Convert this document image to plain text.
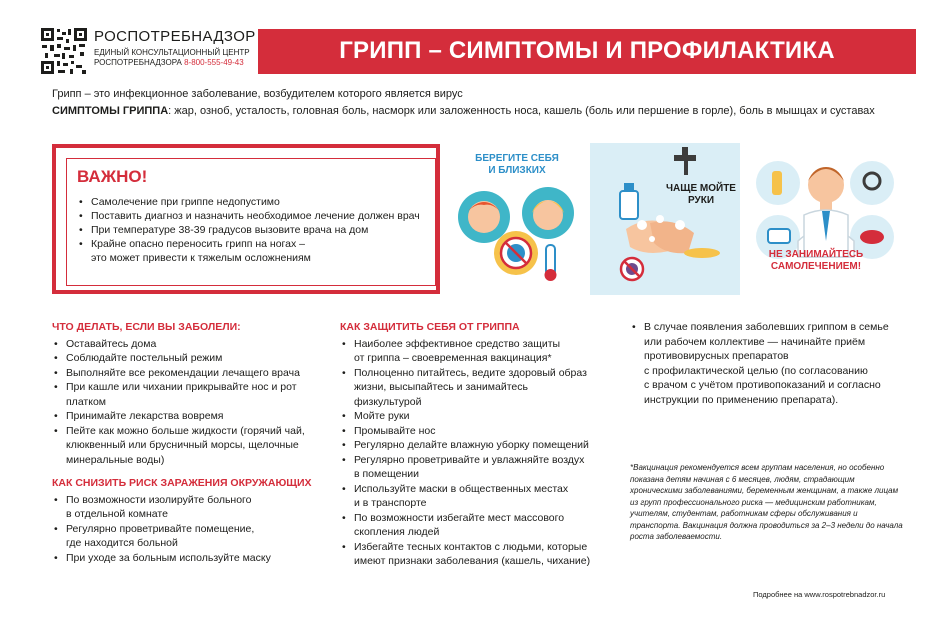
РОСПОТРЕБНАДЗОР
ЕДИНЫЙ КОНСУЛЬТАЦИОННЫЙ ЦЕНТР
РОСПОТРЕБНАДЗОРА 8-800-555-49-43	ГРИПП – СИМПТОМЫ И ПРОФИЛАКТИКА
Грипп – это инфекционное заболевание, возбудителем которого является вирус
СИМПТОМЫ ГРИППА: жар, озноб, усталость, головная боль, насморк или заложенность носа, кашель (боль или першение в горле), боль в мышцах и суставах
ВАЖНО!
• Самолечение при гриппе недопустимо
• Поставить диагноз и назначить необходимое лечение должен врач
• При температуре 38-39 градусов вызовите врача на дом
• Крайне опасно переносить грипп на ногах –
это может привести к тяжелым осложнениям
БЕРЕГИТЕ СЕБЯ
И БЛИЗКИХ
ЧАЩЕ МОЙТЕ
РУКИ
НЕ ЗАНИМАЙТЕСЬ
САМОЛЕЧЕНИЕМ!
ЧТО ДЕЛАТЬ, ЕСЛИ ВЫ ЗАБОЛЕЛИ:
• Оставайтесь дома
• Соблюдайте постельный режим
• Выполняйте все рекомендации лечащего врача
• При кашле или чихании прикрывайте нос и рот
платком
• Принимайте лекарства вовремя
• Пейте как можно больше жидкости (горячий чай,
клюквенный или брусничный морсы, щелочные
минеральные воды)
КАК СНИЗИТЬ РИСК ЗАРАЖЕНИЯ ОКРУЖАЮЩИХ
• По возможности изолируйте больного
в отдельной комнате
• Регулярно проветривайте помещение,
где находится больной
• При уходе за больным используйте маску
КАК ЗАЩИТИТЬ СЕБЯ ОТ ГРИППА
• Наиболее эффективное средство защиты
от гриппа – своевременная вакцинация*
• Полноценно питайтесь, ведите здоровый образ
жизни, высыпайтесь и занимайтесь
физкультурой
• Мойте руки
• Промывайте нос
• Регулярно делайте влажную уборку помещений
• Регулярно проветривайте и увлажняйте воздух
в помещении
• Используйте маски в общественных местах
и в транспорте
• По возможности избегайте мест массового
скопления людей
• Избегайте тесных контактов с людьми, которые
имеют признаки заболевания (кашель, чихание)
• В случае появления заболевших гриппом в семье
или рабочем коллективе — начинайте приём
противовирусных препаратов
с профилактической целью (по согласованию
с врачом с учётом противопоказаний и согласно
инструкции по применению препарата).
*Вакцинация рекомендуется всем группам населения, но особенно показана детям начиная с 6 месяцев, людям, страдающим хроническими заболеваниями, беременным женщинам, а также лицам из групп профессионального риска — медицинским работникам, учителям, студентам, работникам сферы обслуживания и транспорта. Вакцинация должна проводиться за 2–3 недели до начала роста заболеваемости.
Подробнее на www.rospotrebnadzor.ru
